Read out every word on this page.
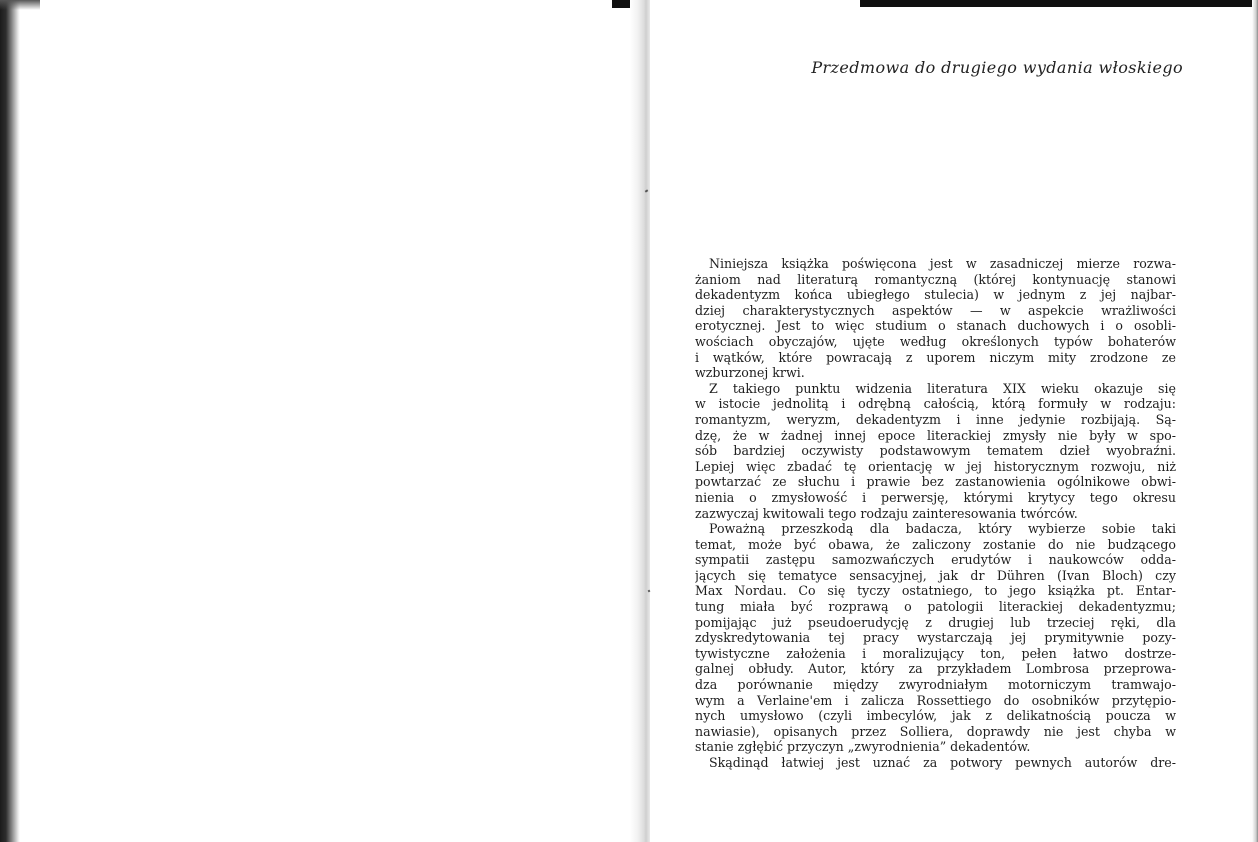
Przedmowa do drugiego wydania włoskiego
Niniejsza książka poświęcona jest w zasadniczej mierze rozwa-
żaniom nad literaturą romantyczną (której kontynuację stanowi
dekadentyzm końca ubiegłego stulecia) w jednym z jej najbar-
dziej charakterystycznych aspektów — w aspekcie wrażliwości
erotycznej. Jest to więc studium o stanach duchowych i o osobli-
wościach obyczajów, ujęte według określonych typów bohaterów
i wątków, które powracają z uporem niczym mity zrodzone ze
wzburzonej krwi.
Z takiego punktu widzenia literatura XIX wieku okazuje się
w istocie jednolitą i odrębną całością, którą formuły w rodzaju:
romantyzm, weryzm, dekadentyzm i inne jedynie rozbijają. Są-
dzę, że w żadnej innej epoce literackiej zmysły nie były w spo-
sób bardziej oczywisty podstawowym tematem dzieł wyobraźni.
Lepiej więc zbadać tę orientację w jej historycznym rozwoju, niż
powtarzać ze słuchu i prawie bez zastanowienia ogólnikowe obwi-
nienia o zmysłowość i perwersję, którymi krytycy tego okresu
zazwyczaj kwitowali tego rodzaju zainteresowania twórców.
Poważną przeszkodą dla badacza, który wybierze sobie taki
temat, może być obawa, że zaliczony zostanie do nie budzącego
sympatii zastępu samozwańczych erudytów i naukowców odda-
jących się tematyce sensacyjnej, jak dr Dühren (Ivan Bloch) czy
Max Nordau. Co się tyczy ostatniego, to jego książka pt. Entar-
tung miała być rozprawą o patologii literackiej dekadentyzmu;
pomijając już pseudoerudycję z drugiej lub trzeciej ręki, dla
zdyskredytowania tej pracy wystarczają jej prymitywnie pozy-
tywistyczne założenia i moralizujący ton, pełen łatwo dostrze-
galnej obłudy. Autor, który za przykładem Lombrosa przeprowa-
dza porównanie między zwyrodniałym motorniczym tramwajo-
wym a Verlaine'em i zalicza Rossettiego do osobników przytępio-
nych umysłowo (czyli imbecylów, jak z delikatnością poucza w
nawiasie), opisanych przez Solliera, doprawdy nie jest chyba w
stanie zgłębić przyczyn „zwyrodnienia” dekadentów.
Skądinąd łatwiej jest uznać za potwory pewnych autorów dre-
